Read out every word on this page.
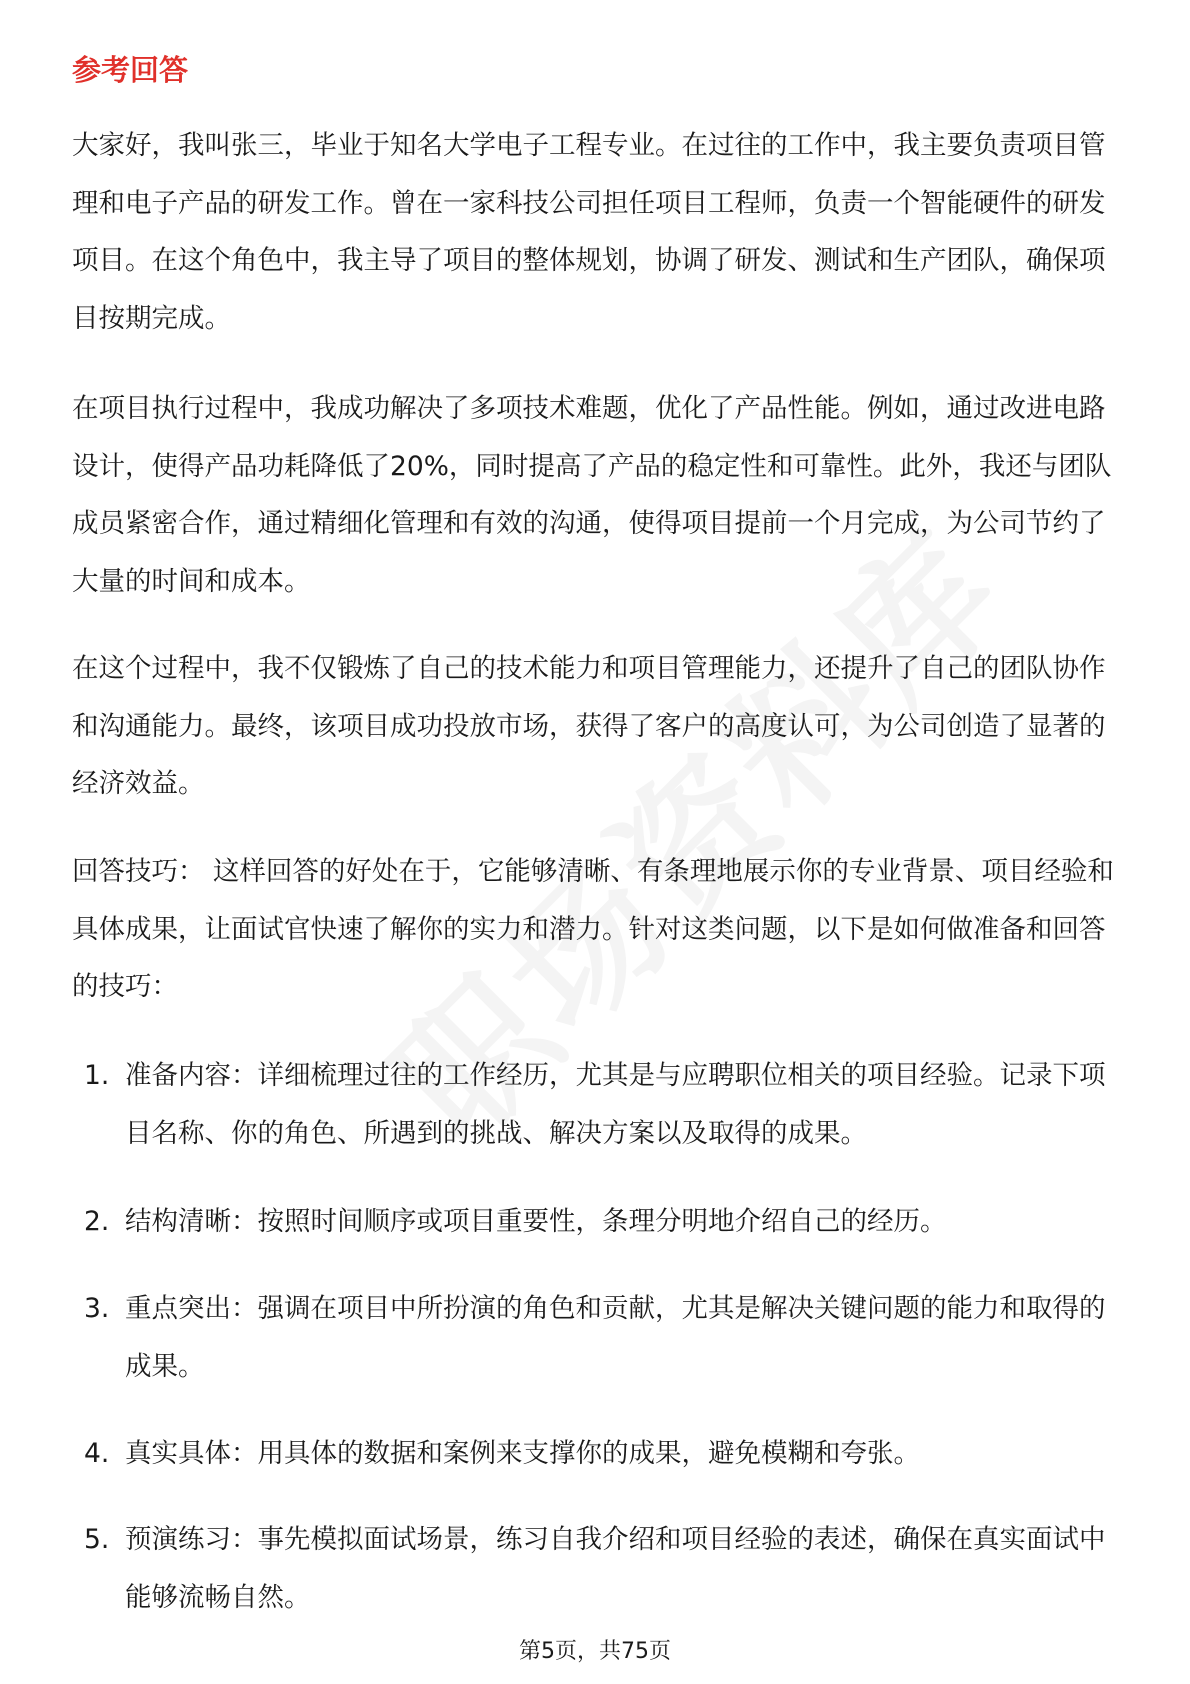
参考回答

大家好，我叫张三，毕业于知名大学电子工程专业。在过往的工作中，我主要负责项目管理和电子产品的研发工作。曾在一家科技公司担任项目工程师，负责一个智能硬件的研发项目。在这个角色中，我主导了项目的整体规划，协调了研发、测试和生产团队，确保项目按期完成。

在项目执行过程中，我成功解决了多项技术难题，优化了产品性能。例如，通过改进电路设计，使得产品功耗降低了20%，同时提高了产品的稳定性和可靠性。此外，我还与团队成员紧密合作，通过精细化管理和有效的沟通，使得项目提前一个月完成，为公司节约了大量的时间和成本。

在这个过程中，我不仅锻炼了自己的技术能力和项目管理能力，还提升了自己的团队协作和沟通能力。最终，该项目成功投放市场，获得了客户的高度认可，为公司创造了显著的经济效益。

回答技巧： 这样回答的好处在于，它能够清晰、有条理地展示你的专业背景、项目经验和具体成果，让面试官快速了解你的实力和潜力。针对这类问题，以下是如何做准备和回答的技巧：

1. 准备内容：详细梳理过往的工作经历，尤其是与应聘职位相关的项目经验。记录下项目名称、你的角色、所遇到的挑战、解决方案以及取得的成果。
2. 结构清晰：按照时间顺序或项目重要性，条理分明地介绍自己的经历。
3. 重点突出：强调在项目中所扮演的角色和贡献，尤其是解决关键问题的能力和取得的成果。
4. 真实具体：用具体的数据和案例来支撑你的成果，避免模糊和夸张。
5. 预演练习：事先模拟面试场景，练习自我介绍和项目经验的表述，确保在真实面试中能够流畅自然。
第5页，共75页
